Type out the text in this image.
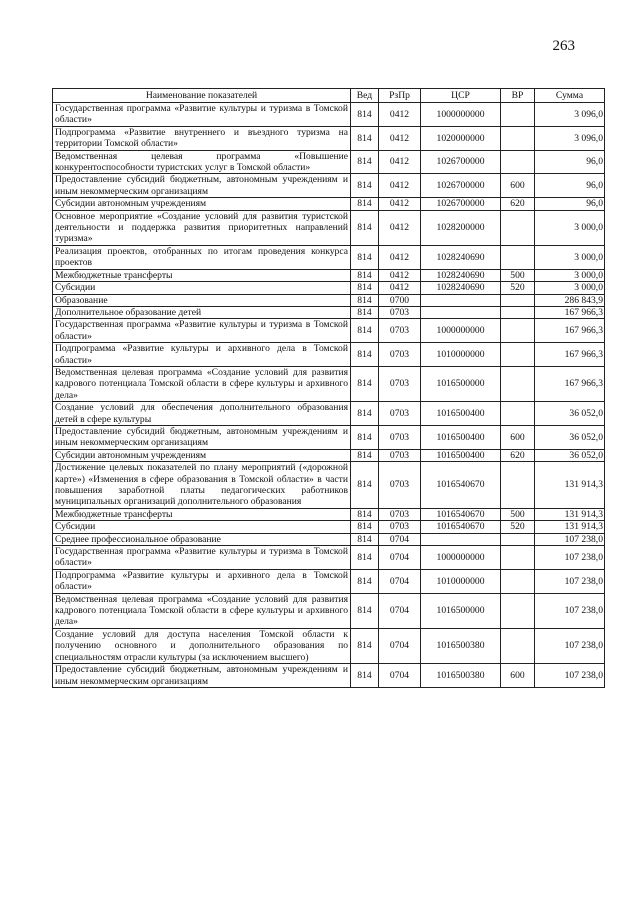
263
Наименование показателей	Вед	РзПр	ЦСР	ВР	Сумма
Государственная программа «Развитие культуры и туризма в Томской области»	814	0412	1000000000		3 096,0
Подпрограмма «Развитие внутреннего и въездного туризма на территории Томской области»	814	0412	1020000000		3 096,0
Ведомственная целевая программа «Повышение конкурентоспособности туристских услуг в Томской области»	814	0412	1026700000		96,0
Предоставление субсидий бюджетным, автономным учреждениям и иным некоммерческим организациям	814	0412	1026700000	600	96,0
Субсидии автономным учреждениям	814	0412	1026700000	620	96,0
Основное мероприятие «Создание условий для развития туристской деятельности и поддержка развития приоритетных направлений туризма»	814	0412	1028200000		3 000,0
Реализация проектов, отобранных по итогам проведения конкурса проектов	814	0412	1028240690		3 000,0
Межбюджетные трансферты	814	0412	1028240690	500	3 000,0
Субсидии	814	0412	1028240690	520	3 000,0
Образование	814	0700			286 843,9
Дополнительное образование детей	814	0703			167 966,3
Государственная программа «Развитие культуры и туризма в Томской области»	814	0703	1000000000		167 966,3
Подпрограмма «Развитие культуры и архивного дела в Томской области»	814	0703	1010000000		167 966,3
Ведомственная целевая программа «Создание условий для развития кадрового потенциала Томской области в сфере культуры и архивного дела»	814	0703	1016500000		167 966,3
Создание условий для обеспечения дополнительного образования детей в сфере культуры	814	0703	1016500400		36 052,0
Предоставление субсидий бюджетным, автономным учреждениям и иным некоммерческим организациям	814	0703	1016500400	600	36 052,0
Субсидии автономным учреждениям	814	0703	1016500400	620	36 052,0
Достижение целевых показателей по плану мероприятий («дорожной карте») «Изменения в сфере образования в Томской области» в части повышения заработной платы педагогических работников муниципальных организаций дополнительного образования	814	0703	1016540670		131 914,3
Межбюджетные трансферты	814	0703	1016540670	500	131 914,3
Субсидии	814	0703	1016540670	520	131 914,3
Среднее профессиональное образование	814	0704			107 238,0
Государственная программа «Развитие культуры и туризма в Томской области»	814	0704	1000000000		107 238,0
Подпрограмма «Развитие культуры и архивного дела в Томской области»	814	0704	1010000000		107 238,0
Ведомственная целевая программа «Создание условий для развития кадрового потенциала Томской области в сфере культуры и архивного дела»	814	0704	1016500000		107 238,0
Создание условий для доступа населения Томской области к получению основного и дополнительного образования по специальностям отрасли культуры (за исключением высшего)	814	0704	1016500380		107 238,0
Предоставление субсидий бюджетным, автономным учреждениям и иным некоммерческим организациям	814	0704	1016500380	600	107 238,0
